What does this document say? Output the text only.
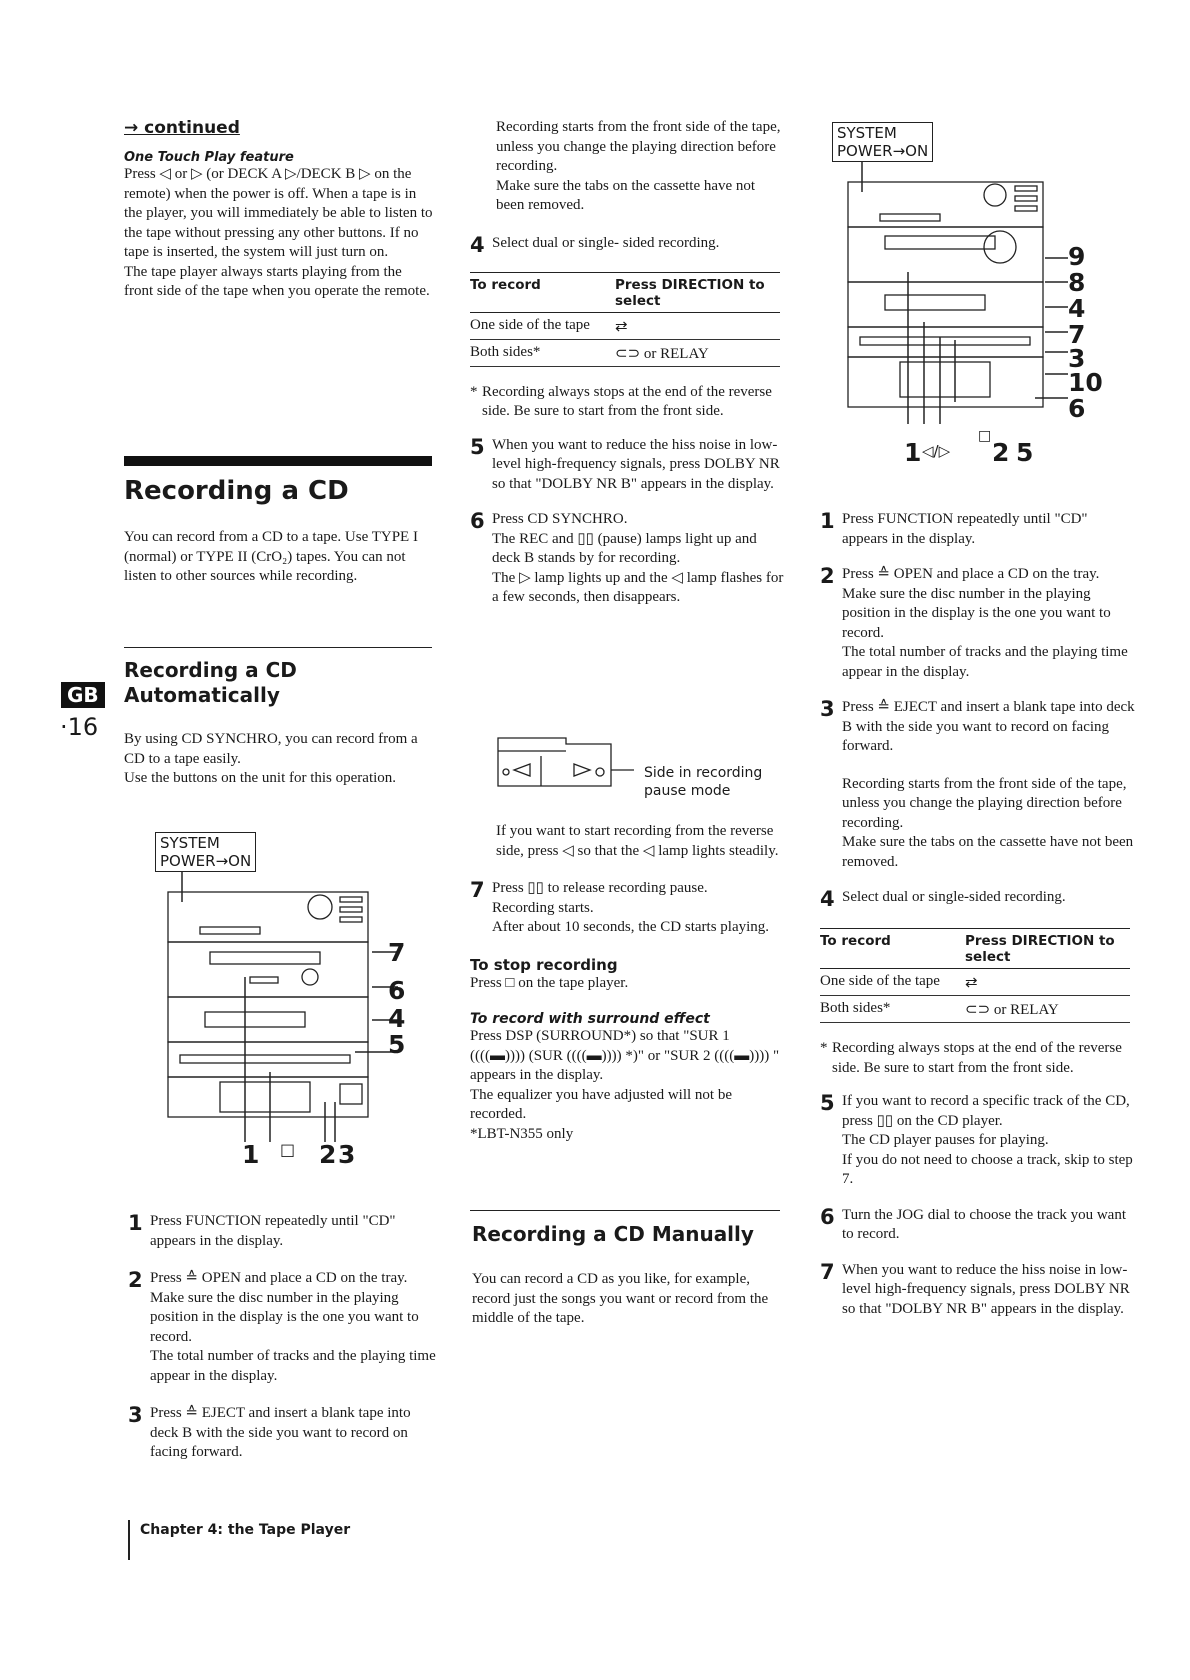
→ continued

One Touch Play feature

Press ◁ or ▷ (or DECK A ▷/DECK B ▷ on the remote) when the power is off. When a tape is in the player, you will immediately be able to listen to the tape without pressing any other buttons. If no tape is inserted, the system will just turn on.

The tape player always starts playing from the front side of the tape when you operate the remote.

Recording a CD

You can record from a CD to a tape. Use TYPE I (normal) or TYPE II (CrO₂) tapes. You can not listen to other sources while recording.

Recording a CD Automatically
GB
·16 By using CD SYNCHRO, you can record from a CD to a tape easily.

Use the buttons on the unit for this operation.

SYSTEM
POWER→ON
7
6
4
5
1 □ 2 3
1 Press FUNCTION repeatedly until "CD" appears in the display.
2 Press ≙ OPEN and place a CD on the tray.

Make sure the disc number in the playing position in the display is the one you want to record.

The total number of tracks and the playing time appear in the display.

3 Press ≙ EJECT and insert a blank tape into deck B with the side you want to record on facing forward.
Chapter 4: the Tape Player

Recording starts from the front side of the tape, unless you change the playing direction before recording.

Make sure the tabs on the cassette have not been removed.

4 Select dual or single- sided recording.
To record	Press DIRECTION to select
One side of the tape	⇄
Both sides*	⊂⊃ or RELAY
* Recording always stops at the end of the reverse side. Be sure to start from the front side.
5 When you want to reduce the hiss noise in low-level high-frequency signals, press DOLBY NR so that "DOLBY NR B" appears in the display.
6 Press CD SYNCHRO.

The REC and ▯▯ (pause) lamps light up and deck B stands by for recording.

The ▷ lamp lights up and the ◁ lamp flashes for a few seconds, then disappears.

Side in recording
pause mode

If you want to start recording from the reverse side, press ◁ so that the ◁ lamp lights steadily.

7 Press ▯▯ to release recording pause.

Recording starts.

After about 10 seconds, the CD starts playing.

To stop recording

Press □ on the tape player.

To record with surround effect

Press DSP (SURROUND*) so that "SUR 1 ((((▬)))) (SUR ((((▬)))) *)" or "SUR 2 ((((▬)))) " appears in the display.

The equalizer you have adjusted will not be recorded.

*LBT-N355 only

Recording a CD Manually

You can record a CD as you like, for example, record just the songs you want or record from the middle of the tape.

SYSTEM
POWER→ON
9
8
4
7
3
10
6
1 ◁/▷
□
2 5
1 Press FUNCTION repeatedly until "CD" appears in the display.
2 Press ≙ OPEN and place a CD on the tray.

Make sure the disc number in the playing position in the display is the one you want to record.

The total number of tracks and the playing time appear in the display.

3 Press ≙ EJECT and insert a blank tape into deck B with the side you want to record on facing forward.

Recording starts from the front side of the tape, unless you change the playing direction before recording.

Make sure the tabs on the cassette have not been removed.

4 Select dual or single-sided recording.
To record	Press DIRECTION to select
One side of the tape	⇄
Both sides*	⊂⊃ or RELAY
* Recording always stops at the end of the reverse side. Be sure to start from the front side.
5 If you want to record a specific track of the CD, press ▯▯ on the CD player.

The CD player pauses for playing.

If you do not need to choose a track, skip to step 7.

6 Turn the JOG dial to choose the track you want to record.
7 When you want to reduce the hiss noise in low-level high-frequency signals, press DOLBY NR so that "DOLBY NR B" appears in the display.
